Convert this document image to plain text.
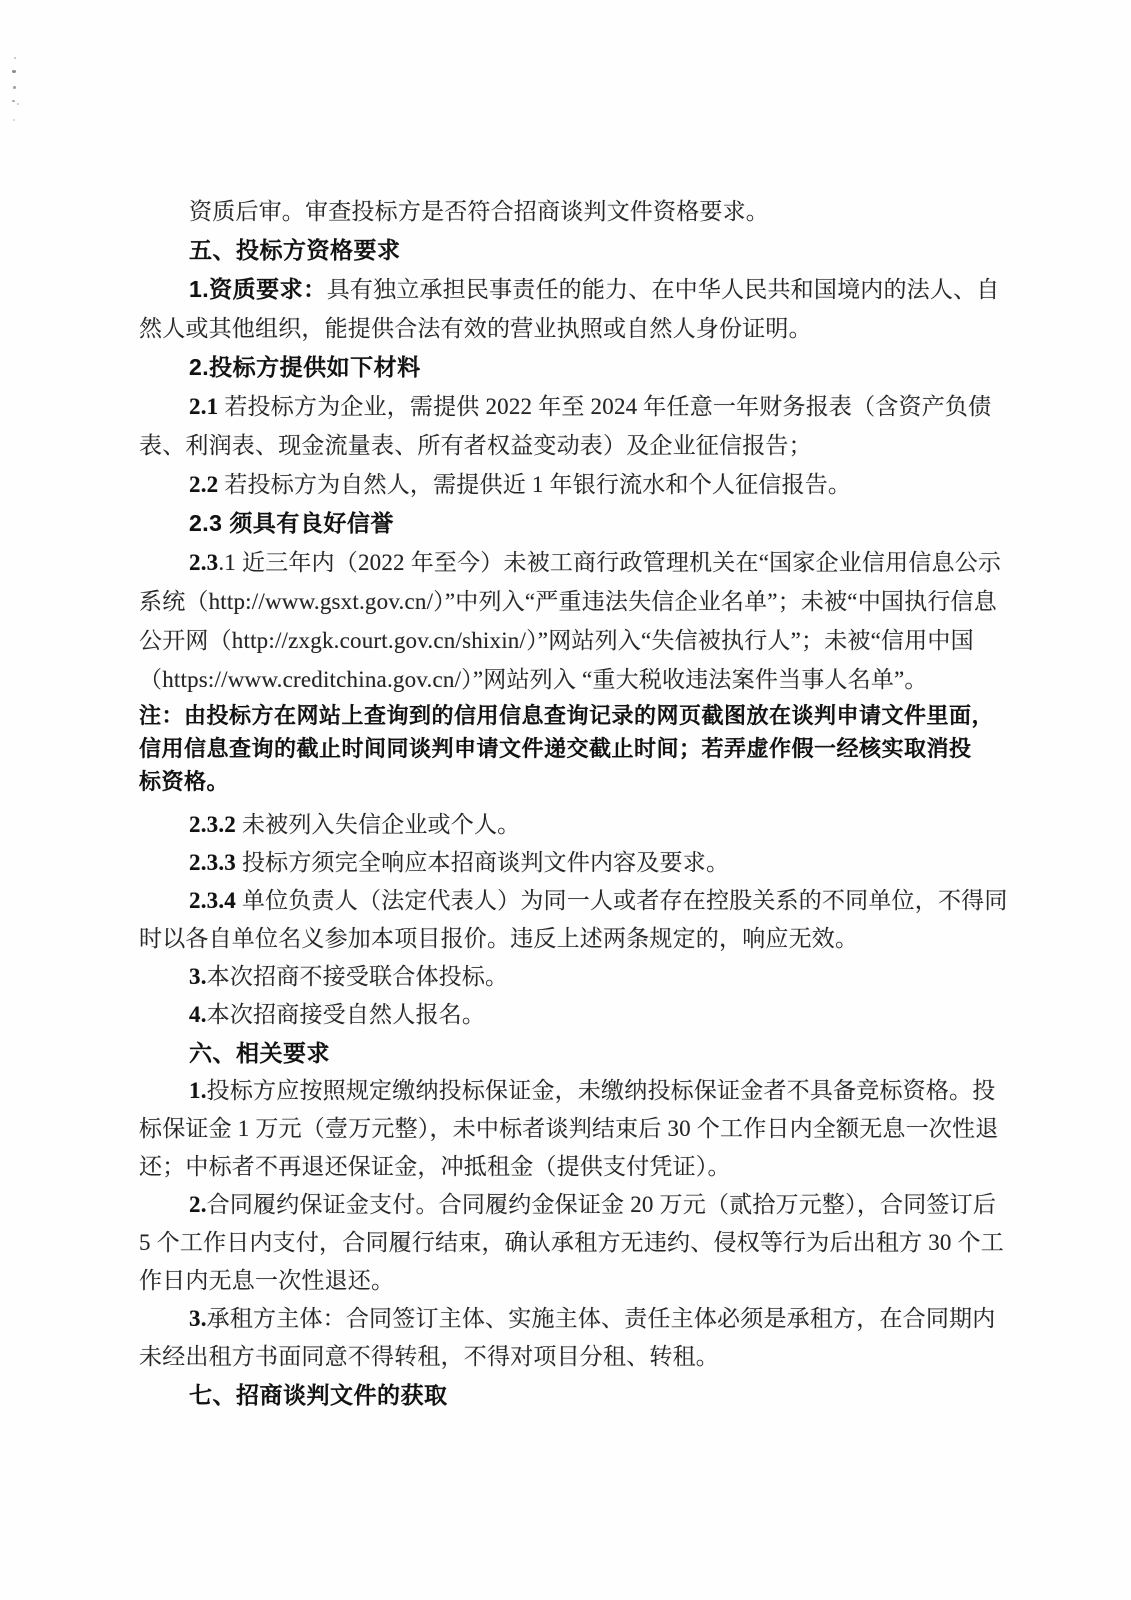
资质后审。审查投标方是否符合招商谈判文件资格要求。
五、投标方资格要求
1.资质要求：具有独立承担民事责任的能力、在中华人民共和国境内的法人、自
然人或其他组织，能提供合法有效的营业执照或自然人身份证明。
2.投标方提供如下材料
2.1 若投标方为企业，需提供 2022 年至 2024 年任意一年财务报表（含资产负债
表、利润表、现金流量表、所有者权益变动表）及企业征信报告；
2.2 若投标方为自然人，需提供近 1 年银行流水和个人征信报告。
2.3 须具有良好信誉
2.3.1 近三年内（2022 年至今）未被工商行政管理机关在“国家企业信用信息公示
系统（http://www.gsxt.gov.cn/）”中列入“严重违法失信企业名单”；未被“中国执行信息
公开网（http://zxgk.court.gov.cn/shixin/）”网站列入“失信被执行人”；未被“信用中国
（https://www.creditchina.gov.cn/）”网站列入 “重大税收违法案件当事人名单”。
注：由投标方在网站上查询到的信用信息查询记录的网页截图放在谈判申请文件里面，
信用信息查询的截止时间同谈判申请文件递交截止时间；若弄虚作假一经核实取消投
标资格。
2.3.2 未被列入失信企业或个人。
2.3.3 投标方须完全响应本招商谈判文件内容及要求。
2.3.4 单位负责人（法定代表人）为同一人或者存在控股关系的不同单位，不得同
时以各自单位名义参加本项目报价。违反上述两条规定的，响应无效。
3.本次招商不接受联合体投标。
4.本次招商接受自然人报名。
六、相关要求
1.投标方应按照规定缴纳投标保证金，未缴纳投标保证金者不具备竞标资格。投
标保证金 1 万元（壹万元整），未中标者谈判结束后 30 个工作日内全额无息一次性退
还；中标者不再退还保证金，冲抵租金（提供支付凭证）。
2.合同履约保证金支付。合同履约金保证金 20 万元（贰拾万元整），合同签订后
5 个工作日内支付，合同履行结束，确认承租方无违约、侵权等行为后出租方 30 个工
作日内无息一次性退还。
3.承租方主体：合同签订主体、实施主体、责任主体必须是承租方，在合同期内
未经出租方书面同意不得转租，不得对项目分租、转租。
七、招商谈判文件的获取
